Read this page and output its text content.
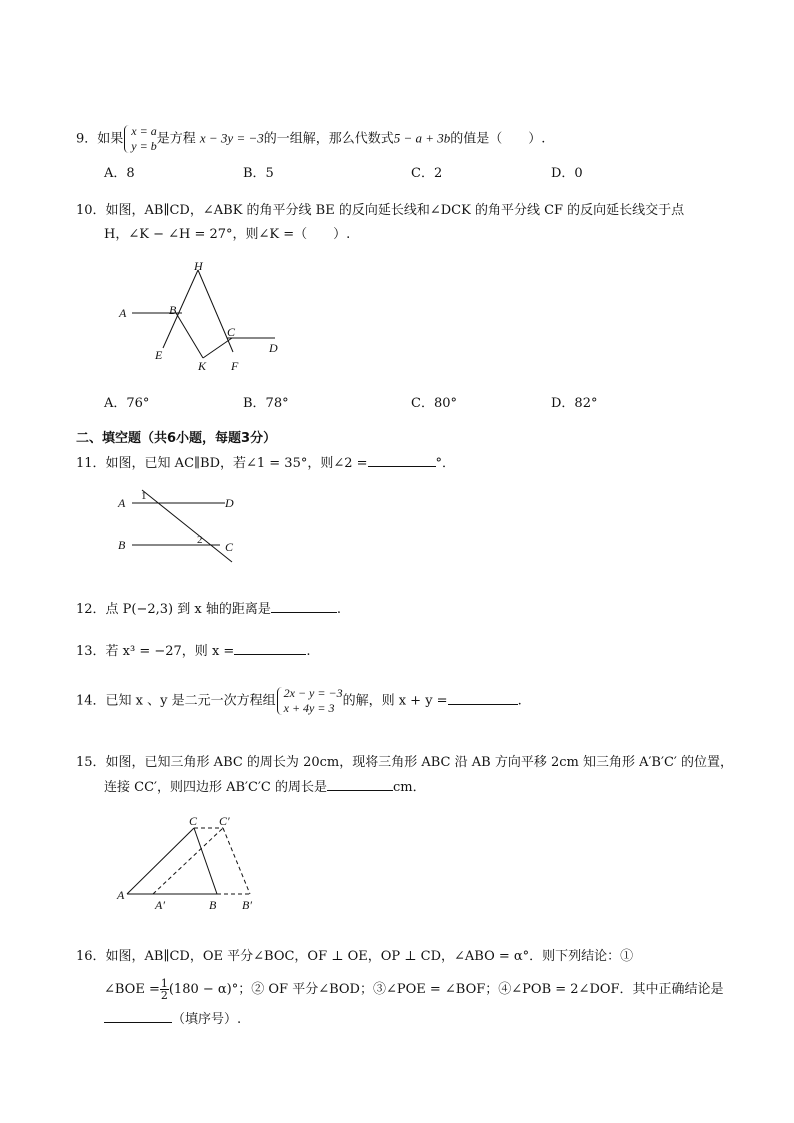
9．如果
x = a
y = b 是方程 x − 3y = −3的一组解，那么代数式5 − a + 3b的值是（　　）.
A．8	B．5	C．2	D．0
10．如图，AB∥CD，∠ABK 的角平分线 BE 的反向延长线和∠DCK 的角平分线 CF 的反向延长线交于点
H，∠K − ∠H = 27°，则∠K =（　　）.
H
A	B
C
D
E
K F
A．76°	B．78°	C．80°	D．82°
二、填空题（共6小题，每题3分）
11．如图，已知 AC∥BD，若∠1 = 35°，则∠2 =	°．
A	D
B	C
1
2
12．点 P(−2,3) 到 x 轴的距离是	.
13．若 x³ = −27，则 x =	.
14．已知 x 、y 是二元一次方程组
2x − y = −3
x + 4y = 3 的解，则 x + y =	.
15．如图，已知三角形 ABC 的周长为 20cm，现将三角形 ABC 沿 AB 方向平移 2cm 知三角形 A′B′C′ 的位置，
连接 CC′，则四边形 AB′C′C 的周长是	cm．
C C′
A
A′	B B′
16．如图，AB∥CD，OE 平分∠BOC，OF ⊥ OE，OP ⊥ CD，∠ABO = α°．则下列结论：①
∠BOE = $\frac{1}{2} (180 - \alpha)^\circ$；② OF 平分∠BOD；③∠POE = ∠BOF；④∠POB = 2∠DOF．其中正确结论是
（填序号）.
